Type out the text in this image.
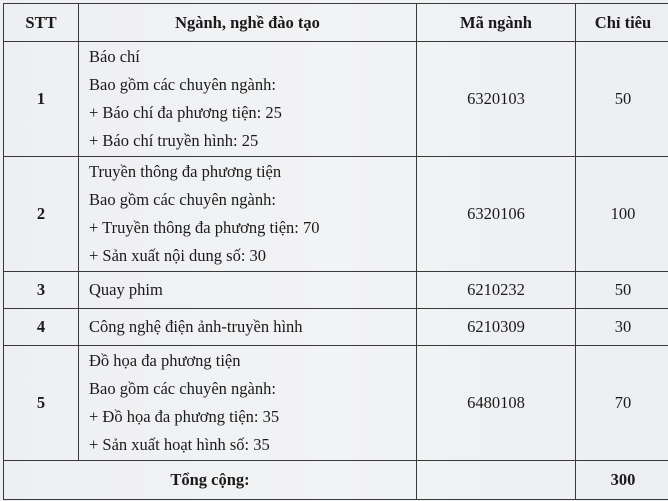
STT	Ngành, nghề đào tạo	Mã ngành	Chỉ tiêu
1	Báo chí
Bao gồm các chuyên ngành:
+ Báo chí đa phương tiện: 25
+ Báo chí truyền hình: 25	6320103	50
2	Truyền thông đa phương tiện
Bao gồm các chuyên ngành:
+ Truyền thông đa phương tiện: 70
+ Sản xuất nội dung số: 30	6320106	100
3	Quay phim	6210232	50
4	Công nghệ điện ảnh-truyền hình	6210309	30
5	Đồ họa đa phương tiện
Bao gồm các chuyên ngành:
+ Đồ họa đa phương tiện: 35
+ Sản xuất hoạt hình số: 35	6480108	70
Tổng cộng:			300
